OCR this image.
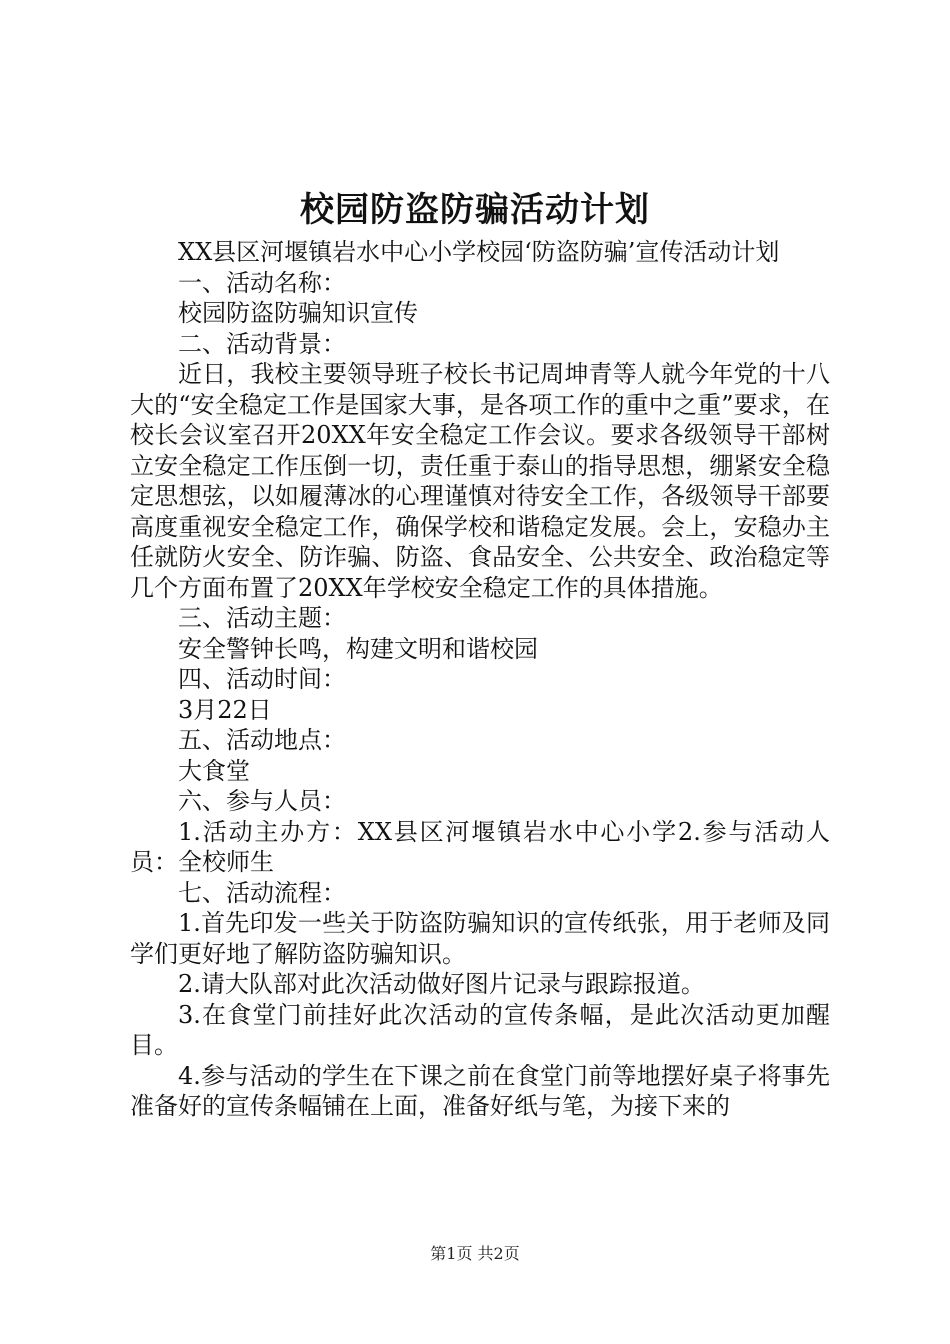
校园防盗防骗活动计划

XX县区河堰镇岩水中心小学校园‘防盗防骗’宣传活动计划

一、活动名称：

校园防盗防骗知识宣传

二、活动背景：

近日，我校主要领导班子校长书记周坤青等人就今年党的十八大的“安全稳定工作是国家大事，是各项工作的重中之重”要求，在校长会议室召开20XX年安全稳定工作会议。要求各级领导干部树立安全稳定工作压倒一切，责任重于泰山的指导思想，绷紧安全稳定思想弦，以如履薄冰的心理谨慎对待安全工作，各级领导干部要高度重视安全稳定工作，确保学校和谐稳定发展。会上，安稳办主任就防火安全、防诈骗、防盗、食品安全、公共安全、政治稳定等几个方面布置了20XX年学校安全稳定工作的具体措施。

三、活动主题：

安全警钟长鸣，构建文明和谐校园

四、活动时间：

3月22日

五、活动地点：

大食堂

六、参与人员：

1.活动主办方：XX县区河堰镇岩水中心小学2.参与活动人员：全校师生

七、活动流程：

1.首先印发一些关于防盗防骗知识的宣传纸张，用于老师及同学们更好地了解防盗防骗知识。

2.请大队部对此次活动做好图片记录与跟踪报道。

3.在食堂门前挂好此次活动的宣传条幅，是此次活动更加醒目。

4.参与活动的学生在下课之前在食堂门前等地摆好桌子将事先准备好的宣传条幅铺在上面，准备好纸与笔，为接下来的

第1页 共2页
